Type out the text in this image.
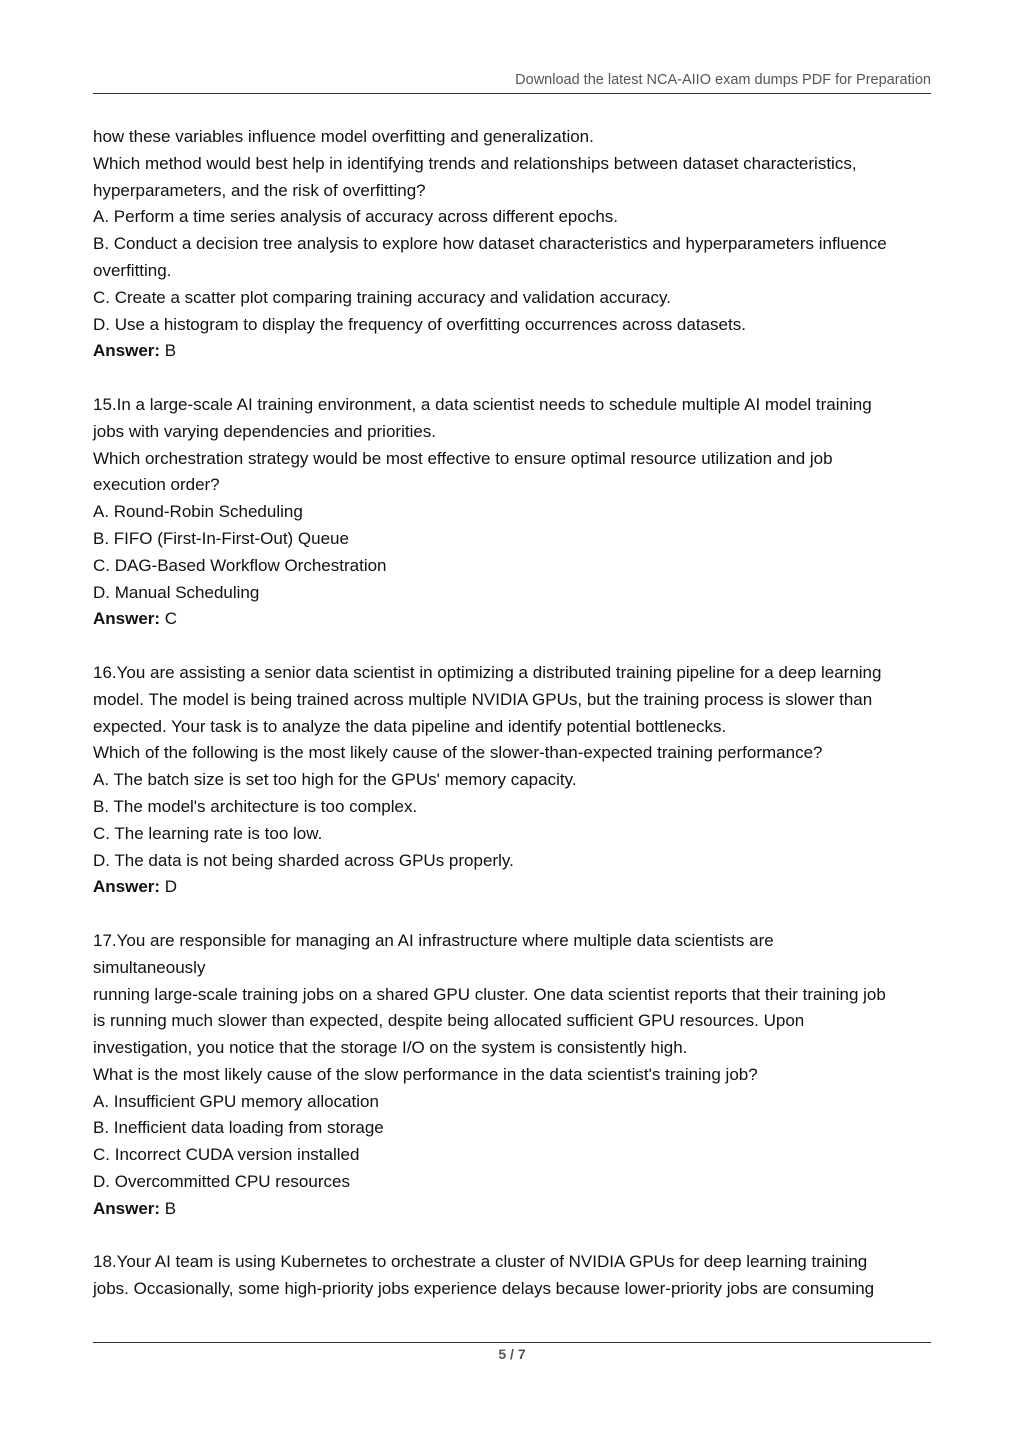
Download the latest NCA-AIIO exam dumps PDF for Preparation
how these variables influence model overfitting and generalization.
Which method would best help in identifying trends and relationships between dataset characteristics,
hyperparameters, and the risk of overfitting?
A. Perform a time series analysis of accuracy across different epochs.
B. Conduct a decision tree analysis to explore how dataset characteristics and hyperparameters influence
overfitting.
C. Create a scatter plot comparing training accuracy and validation accuracy.
D. Use a histogram to display the frequency of overfitting occurrences across datasets.
Answer: B
15.In a large-scale AI training environment, a data scientist needs to schedule multiple AI model training
jobs with varying dependencies and priorities.
Which orchestration strategy would be most effective to ensure optimal resource utilization and job
execution order?
A. Round-Robin Scheduling
B. FIFO (First-In-First-Out) Queue
C. DAG-Based Workflow Orchestration
D. Manual Scheduling
Answer: C
16.You are assisting a senior data scientist in optimizing a distributed training pipeline for a deep learning
model. The model is being trained across multiple NVIDIA GPUs, but the training process is slower than
expected. Your task is to analyze the data pipeline and identify potential bottlenecks.
Which of the following is the most likely cause of the slower-than-expected training performance?
A. The batch size is set too high for the GPUs' memory capacity.
B. The model's architecture is too complex.
C. The learning rate is too low.
D. The data is not being sharded across GPUs properly.
Answer: D
17.You are responsible for managing an AI infrastructure where multiple data scientists are
simultaneously
running large-scale training jobs on a shared GPU cluster. One data scientist reports that their training job
is running much slower than expected, despite being allocated sufficient GPU resources. Upon
investigation, you notice that the storage I/O on the system is consistently high.
What is the most likely cause of the slow performance in the data scientist's training job?
A. Insufficient GPU memory allocation
B. Inefficient data loading from storage
C. Incorrect CUDA version installed
D. Overcommitted CPU resources
Answer: B
18.Your AI team is using Kubernetes to orchestrate a cluster of NVIDIA GPUs for deep learning training
jobs. Occasionally, some high-priority jobs experience delays because lower-priority jobs are consuming
5 / 7
